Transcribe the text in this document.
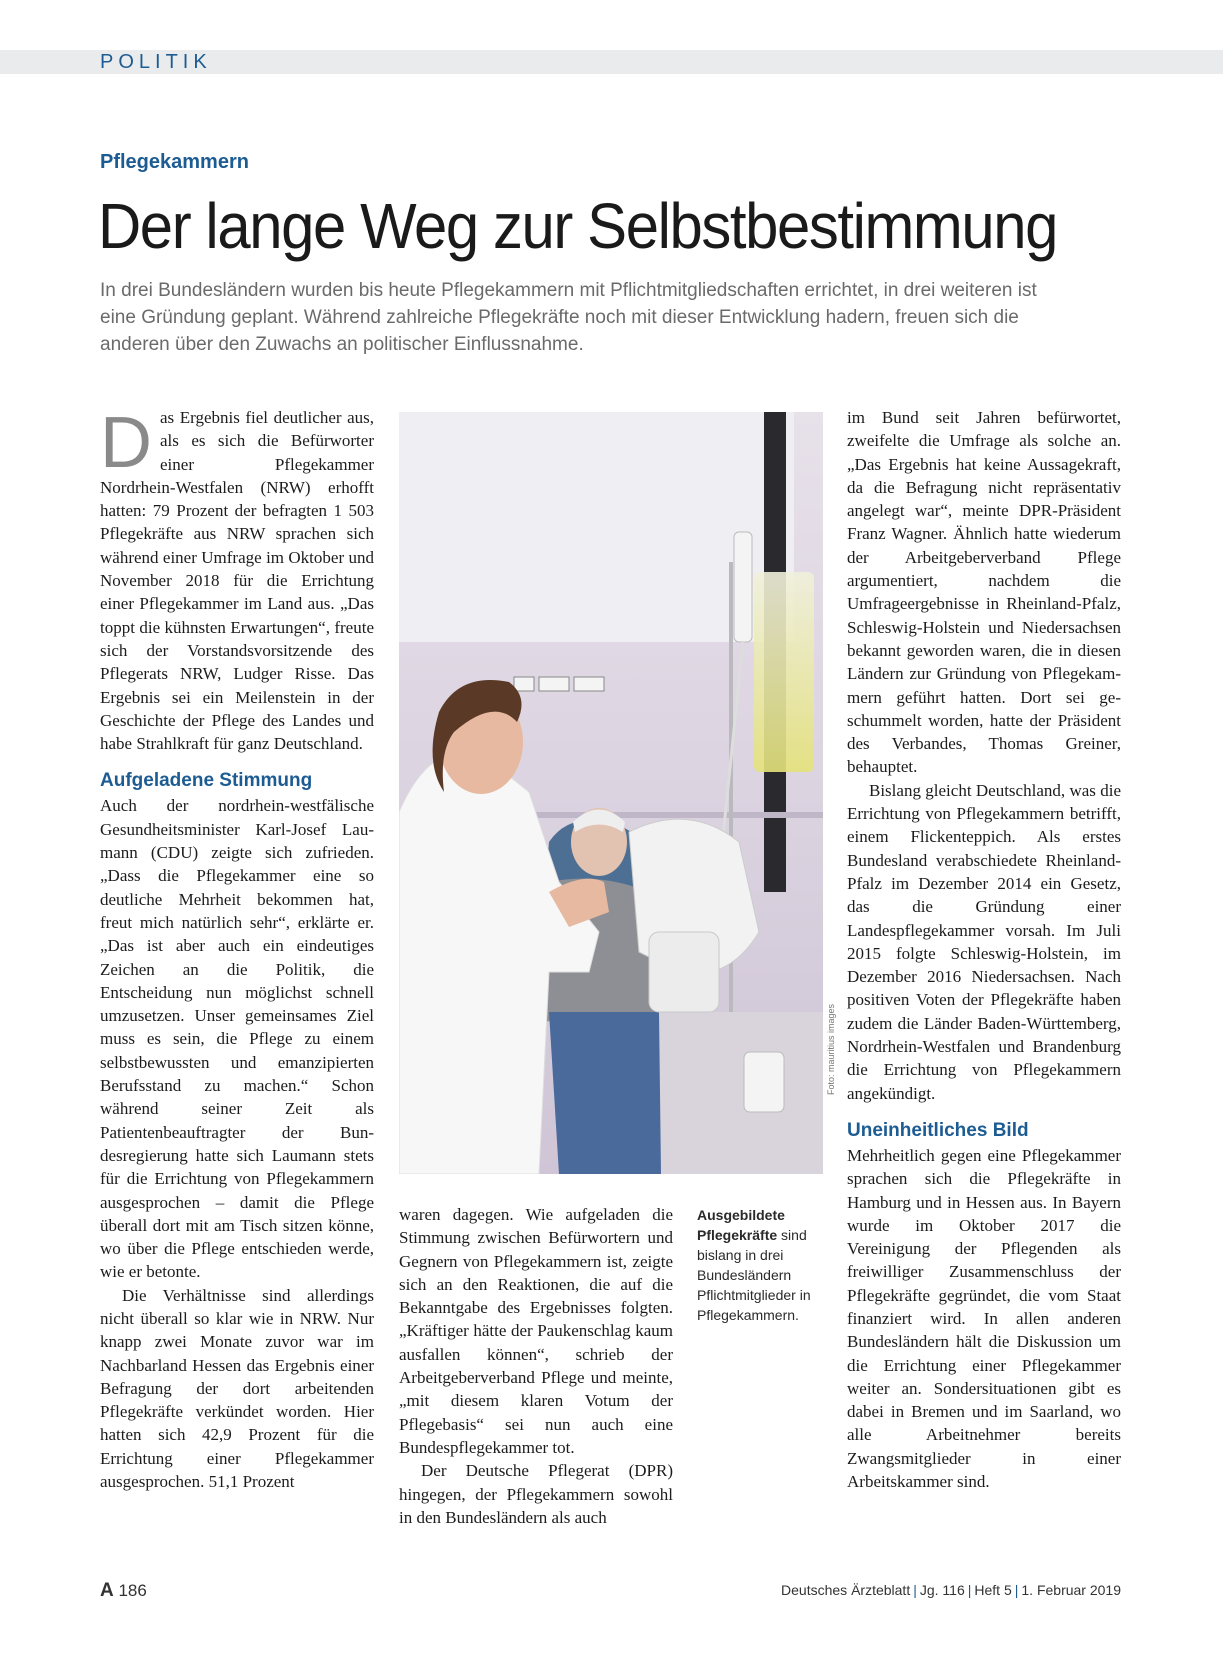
POLITIK
Pflegekammern
Der lange Weg zur Selbstbestimmung
In drei Bundesländern wurden bis heute Pflegekammern mit Pflichtmitgliedschaften errichtet, in drei weiteren ist eine Gründung geplant. Während zahlreiche Pflegekräfte noch mit dieser Entwicklung hadern, freuen sich die anderen über den Zuwachs an politischer Einflussnahme.
D as Ergebnis fiel deutlicher aus, als es sich die Befürworter einer Pflegekammer Nordrhein-Westfalen (NRW) erhofft hatten: 79 Prozent der befragten 1 503 Pflegekräfte aus NRW sprachen sich während einer Umfrage im Oktober und November 2018 für die Errichtung einer Pflegekammer im Land aus. „Das toppt die kühnsten Erwartungen“, freute sich der Vorstandsvorsitzende des Pflegerats NRW, Ludger Risse. Das Ergebnis sei ein Meilenstein in der Geschichte der Pflege des Landes und habe Strahlkraft für ganz Deutschland.

Aufgeladene Stimmung

Auch der nordrhein-westfälische Gesundheitsminister Karl-Josef Laumann (CDU) zeigte sich zufrieden. „Dass die Pflegekammer eine so deutliche Mehrheit bekommen hat, freut mich natürlich sehr“, erklärte er. „Das ist aber auch ein eindeutiges Zeichen an die Politik, die Entscheidung nun möglichst schnell umzusetzen. Unser gemeinsames Ziel muss es sein, die Pflege zu einem selbstbewussten und emanzipierten Berufsstand zu machen.“ Schon während seiner Zeit als Patientenbeauftragter der Bundesregierung hatte sich Laumann stets für die Errichtung von Pflegekammern ausgesprochen – damit die Pflege überall dort mit am Tisch sitzen könne, wo über die Pflege entschieden werde, wie er betonte.

Die Verhältnisse sind allerdings nicht überall so klar wie in NRW. Nur knapp zwei Monate zuvor war im Nachbarland Hessen das Ergebnis einer Befragung der dort arbeitenden Pflegekräfte verkündet worden. Hier hatten sich 42,9 Prozent für die Errichtung einer Pflegekammer ausgesprochen. 51,1 Prozent

Foto: mauritius images
Ausgebildete Pflegekräfte sind bislang in drei Bundesländern Pflichtmitglieder in Pflegekammern.

waren dagegen. Wie aufgeladen die Stimmung zwischen Befürwortern und Gegnern von Pflegekammern ist, zeigte sich an den Reaktionen, die auf die Bekanntgabe des Ergebnisses folgten. „Kräftiger hätte der Paukenschlag kaum ausfallen können“, schrieb der Arbeitgeberverband Pflege und meinte, „mit diesem klaren Votum der Pflegebasis“ sei nun auch eine Bundespflegekammer tot.

Der Deutsche Pflegerat (DPR) hingegen, der Pflegekammern sowohl in den Bundesländern als auch

im Bund seit Jahren befürwortet, zweifelte die Umfrage als solche an. „Das Ergebnis hat keine Aussagekraft, da die Befragung nicht repräsentativ angelegt war“, meinte DPR-Präsident Franz Wagner. Ähnlich hatte wiederum der Arbeitgeberverband Pflege argumentiert, nachdem die Umfrageergebnisse in Rheinland-Pfalz, Schleswig-Holstein und Niedersachsen bekannt geworden waren, die in diesen Ländern zur Gründung von Pflegekammern geführt hatten. Dort sei geschummelt worden, hatte der Präsident des Verbandes, Thomas Greiner, behauptet.

Bislang gleicht Deutschland, was die Errichtung von Pflegekammern betrifft, einem Flickenteppich. Als erstes Bundesland verabschiedete Rheinland-Pfalz im Dezember 2014 ein Gesetz, das die Gründung einer Landespflegekammer vorsah. Im Juli 2015 folgte Schleswig-Holstein, im Dezember 2016 Niedersachsen. Nach positiven Voten der Pflegekräfte haben zudem die Länder Baden-Württemberg, Nordrhein-Westfalen und Brandenburg die Errichtung von Pflegekammern angekündigt.

Uneinheitliches Bild

Mehrheitlich gegen eine Pflegekammer sprachen sich die Pflegekräfte in Hamburg und in Hessen aus. In Bayern wurde im Oktober 2017 die Vereinigung der Pflegenden als freiwilliger Zusammenschluss der Pflegekräfte gegründet, die vom Staat finanziert wird. In allen anderen Bundesländern hält die Diskussion um die Errichtung einer Pflegekammer weiter an. Sondersituationen gibt es dabei in Bremen und im Saarland, wo alle Arbeitnehmer bereits Zwangsmitglieder in einer Arbeitskammer sind.

A 186	Deutsches Ärzteblatt | Jg. 116 | Heft 5 | 1. Februar 2019
